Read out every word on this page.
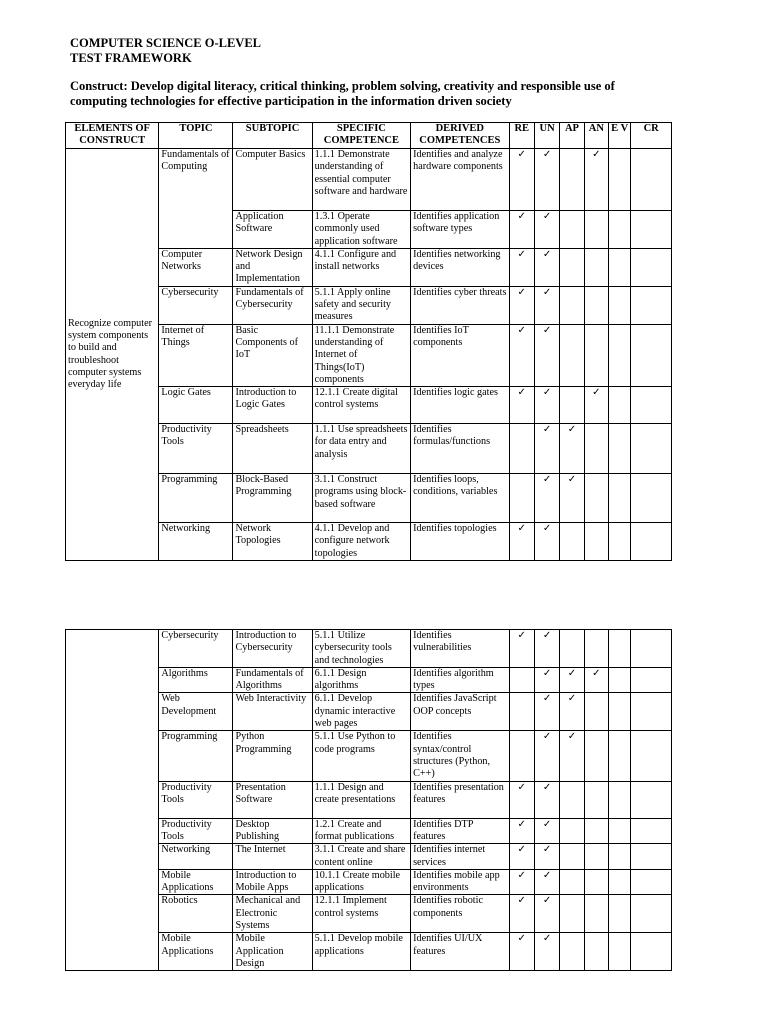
COMPUTER SCIENCE O-LEVEL
TEST FRAMEWORK
Construct: Develop digital literacy, critical thinking, problem solving, creativity and responsible use of computing technologies for effective participation in the information driven society
ELEMENTS OF CONSTRUCT	TOPIC	SUBTOPIC	SPECIFIC COMPETENCE	DERIVED COMPETENCES	RE	UN	AP	AN	E V	CR
Recognize computer system components to build and troubleshoot computer systems everyday life	Fundamentals of Computing	Computer Basics	1.1.1 Demonstrate understanding of essential computer software and hardware	Identifies and analyze hardware components	✓	✓		✓		
		Application Software	1.3.1 Operate commonly used application software	Identifies application software types	✓	✓				
	Computer Networks	Network Design and Implementation	4.1.1 Configure and install networks	Identifies networking devices	✓	✓				
	Cybersecurity	Fundamentals of Cybersecurity	5.1.1 Apply online safety and security measures	Identifies cyber threats	✓	✓				
	Internet of Things	Basic Components of IoT	11.1.1 Demonstrate understanding of Internet of Things(IoT) components	Identifies IoT components	✓	✓				
	Logic Gates	Introduction to Logic Gates	12.1.1 Create digital control systems	Identifies logic gates	✓	✓		✓		
	Productivity Tools	Spreadsheets	1.1.1 Use spreadsheets for data entry and analysis	Identifies formulas/functions		✓	✓			
	Programming	Block-Based Programming	3.1.1 Construct programs using block-based software	Identifies loops, conditions, variables		✓	✓			
	Networking	Network Topologies	4.1.1 Develop and configure network topologies	Identifies topologies	✓	✓				
	Cybersecurity	Introduction to Cybersecurity	5.1.1 Utilize cybersecurity tools and technologies	Identifies vulnerabilities	✓	✓				
	Algorithms	Fundamentals of Algorithms	6.1.1 Design algorithms	Identifies algorithm types		✓	✓	✓		
	Web Development	Web Interactivity	6.1.1 Develop dynamic interactive web pages	Identifies JavaScript OOP concepts		✓	✓			
	Programming	Python Programming	5.1.1 Use Python to code programs	Identifies syntax/control structures (Python, C++)		✓	✓			
	Productivity Tools	Presentation Software	1.1.1 Design and create presentations	Identifies presentation features	✓	✓				
	Productivity Tools	Desktop Publishing	1.2.1 Create and format publications	Identifies DTP features	✓	✓				
	Networking	The Internet	3.1.1 Create and share content online	Identifies internet services	✓	✓				
	Mobile Applications	Introduction to Mobile Apps	10.1.1 Create mobile applications	Identifies mobile app environments	✓	✓				
	Robotics	Mechanical and Electronic Systems	12.1.1 Implement control systems	Identifies robotic components	✓	✓				
	Mobile Applications	Mobile Application Design	5.1.1 Develop mobile applications	Identifies UI/UX features	✓	✓				
